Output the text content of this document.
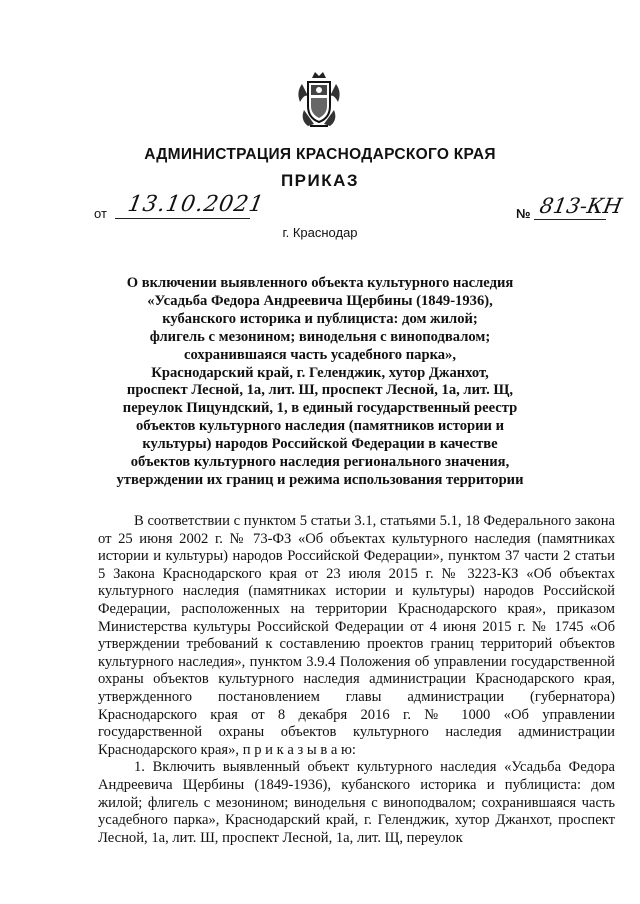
АДМИНИСТРАЦИЯ КРАСНОДАРСКОГО КРАЯ
ПРИКАЗ
от 13.10.2021
г. Краснодар
№ 813-КН
О включении выявленного объекта культурного наследия
«Усадьба Федора Андреевича Щербины (1849-1936),
кубанского историка и публициста: дом жилой;
флигель с мезонином; винодельня с виноподвалом;
сохранившаяся часть усадебного парка»,
Краснодарский край, г. Геленджик, хутор Джанхот,
проспект Лесной, 1а, лит. Ш, проспект Лесной, 1а, лит. Щ,
переулок Пицундский, 1, в единый государственный реестр
объектов культурного наследия (памятников истории и
культуры) народов Российской Федерации в качестве
объектов культурного наследия регионального значения,
утверждении их границ и режима использования территории

В соответствии с пунктом 5 статьи 3.1, статьями 5.1, 18 Федерального закона от 25 июня 2002 г. № 73-ФЗ «Об объектах культурного наследия (памятниках истории и культуры) народов Российской Федерации», пунктом 37 части 2 статьи 5 Закона Краснодарского края от 23 июля 2015 г. № 3223-КЗ «Об объектах культурного наследия (памятниках истории и культуры) народов Российской Федерации, расположенных на территории Краснодарского края», приказом Министерства культуры Российской Федерации от 4 июня 2015 г. № 1745 «Об утверждении требований к составлению проектов границ территорий объектов культурного наследия», пунктом 3.9.4 Положения об управлении государственной охраны объектов культурного наследия администрации Краснодарского края, утвержденного постановлением главы администрации (губернатора) Краснодарского края от 8 декабря 2016 г. № 1000 «Об управлении государственной охраны объектов культурного наследия администрации Краснодарского края», п р и к а з ы в а ю:

1. Включить выявленный объект культурного наследия «Усадьба Федора Андреевича Щербины (1849-1936), кубанского историка и публициста: дом жилой; флигель с мезонином; винодельня с виноподвалом; сохранившаяся часть усадебного парка», Краснодарский край, г. Геленджик, хутор Джанхот, проспект Лесной, 1а, лит. Ш, проспект Лесной, 1а, лит. Щ, переулок
